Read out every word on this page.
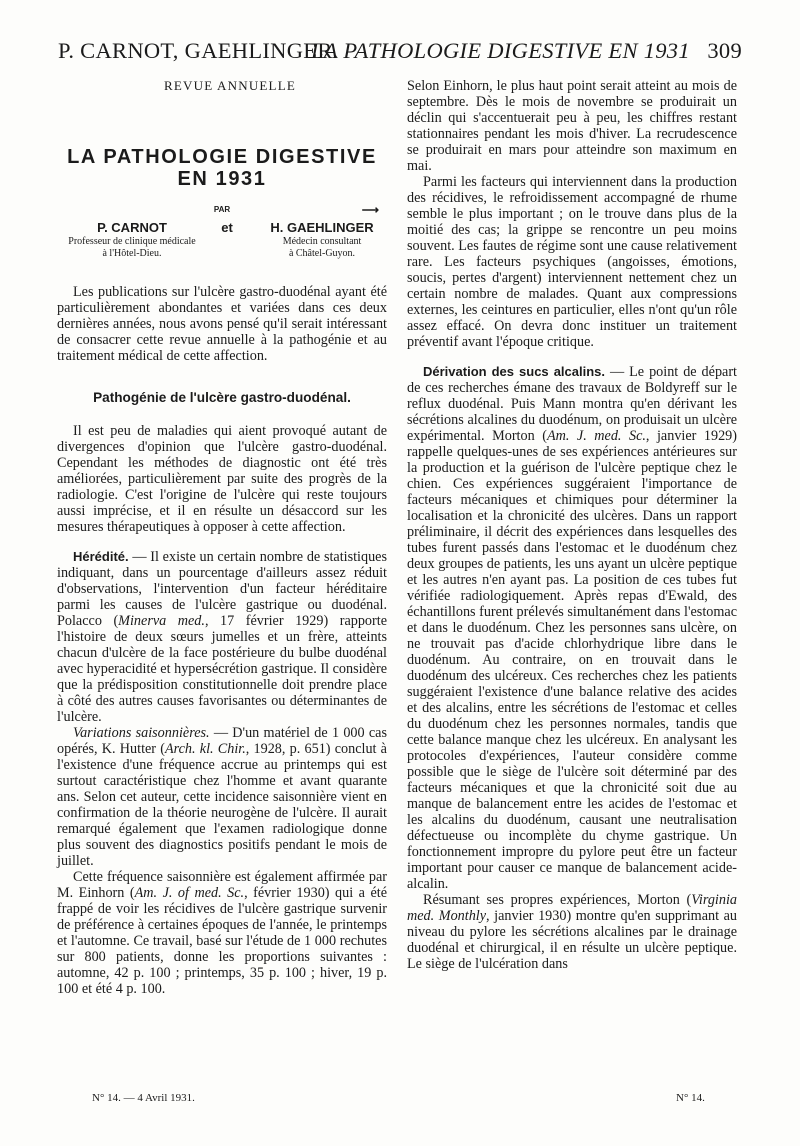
P. CARNOT, GAEHLINGER.
LA PATHOLOGIE DIGESTIVE EN 1931 309

REVUE ANNUELLE

LA PATHOLOGIE DIGESTIVE
EN 1931
PAR	⟶
P. CARNOT
Professeur de clinique médicale
à l'Hôtel-Dieu.
et	H. GAEHLINGER
Médecin consultant
à Châtel-Guyon.

Les publications sur l'ulcère gastro-duodénal ayant été particulièrement abondantes et variées dans ces deux dernières années, nous avons pensé qu'il serait intéressant de consacrer cette revue annuelle à la pathogénie et au traitement médical de cette affection.

Pathogénie de l'ulcère gastro-duodénal.

Il est peu de maladies qui aient provoqué autant de divergences d'opinion que l'ulcère gastro-duodénal. Cependant les méthodes de diagnostic ont été très améliorées, particulièrement par suite des progrès de la radiologie. C'est l'origine de l'ulcère qui reste toujours aussi imprécise, et il en résulte un désaccord sur les mesures thérapeutiques à opposer à cette affection.

Hérédité. — Il existe un certain nombre de statistiques indiquant, dans un pourcentage d'ailleurs assez réduit d'observations, l'intervention d'un facteur héréditaire parmi les causes de l'ulcère gastrique ou duodénal. Polacco (Minerva med., 17 février 1929) rapporte l'histoire de deux sœurs jumelles et un frère, atteints chacun d'ulcère de la face postérieure du bulbe duodénal avec hyperacidité et hypersécrétion gastrique. Il considère que la prédisposition constitutionnelle doit prendre place à côté des autres causes favorisantes ou déterminantes de l'ulcère.

Variations saisonnières. — D'un matériel de 1 000 cas opérés, K. Hutter (Arch. kl. Chir., 1928, p. 651) conclut à l'existence d'une fréquence accrue au printemps qui est surtout caractéristique chez l'homme et avant quarante ans. Selon cet auteur, cette incidence saisonnière vient en confirmation de la théorie neurogène de l'ulcère. Il aurait remarqué également que l'examen radiologique donne plus souvent des diagnostics positifs pendant le mois de juillet.

Cette fréquence saisonnière est également affirmée par M. Einhorn (Am. J. of med. Sc., février 1930) qui a été frappé de voir les récidives de l'ulcère gastrique survenir de préférence à certaines époques de l'année, le printemps et l'automne. Ce travail, basé sur l'étude de 1 000 rechutes sur 800 patients, donne les proportions suivantes : automne, 42 p. 100 ; printemps, 35 p. 100 ; hiver, 19 p. 100 et été 4 p. 100.

Selon Einhorn, le plus haut point serait atteint au mois de septembre. Dès le mois de novembre se produirait un déclin qui s'accentuerait peu à peu, les chiffres restant stationnaires pendant les mois d'hiver. La recrudescence se produirait en mars pour atteindre son maximum en mai.

Parmi les facteurs qui interviennent dans la production des récidives, le refroidissement accompagné de rhume semble le plus important ; on le trouve dans plus de la moitié des cas; la grippe se rencontre un peu moins souvent. Les fautes de régime sont une cause relativement rare. Les facteurs psychiques (angoisses, émotions, soucis, pertes d'argent) interviennent nettement chez un certain nombre de malades. Quant aux compressions externes, les ceintures en particulier, elles n'ont qu'un rôle assez effacé. On devra donc instituer un traitement préventif avant l'époque critique.

Dérivation des sucs alcalins. — Le point de départ de ces recherches émane des travaux de Boldyreff sur le reflux duodénal. Puis Mann montra qu'en dérivant les sécrétions alcalines du duodénum, on produisait un ulcère expérimental. Morton (Am. J. med. Sc., janvier 1929) rappelle quelques-unes de ses expériences antérieures sur la production et la guérison de l'ulcère peptique chez le chien. Ces expériences suggéraient l'importance de facteurs mécaniques et chimiques pour déterminer la localisation et la chronicité des ulcères. Dans un rapport préliminaire, il décrit des expériences dans lesquelles des tubes furent passés dans l'estomac et le duodénum chez deux groupes de patients, les uns ayant un ulcère peptique et les autres n'en ayant pas. La position de ces tubes fut vérifiée radiologiquement. Après repas d'Ewald, des échantillons furent prélevés simultanément dans l'estomac et dans le duodénum. Chez les personnes sans ulcère, on ne trouvait pas d'acide chlorhydrique libre dans le duodénum. Au contraire, on en trouvait dans le duodénum des ulcéreux. Ces recherches chez les patients suggéraient l'existence d'une balance relative des acides et des alcalins, entre les sécrétions de l'estomac et celles du duodénum chez les personnes normales, tandis que cette balance manque chez les ulcéreux. En analysant les protocoles d'expériences, l'auteur considère comme possible que le siège de l'ulcère soit déterminé par des facteurs mécaniques et que la chronicité soit due au manque de balancement entre les acides de l'estomac et les alcalins du duodénum, causant une neutralisation défectueuse ou incomplète du chyme gastrique. Un fonctionnement impropre du pylore peut être un facteur important pour causer ce manque de balancement acide-alcalin.

Résumant ses propres expériences, Morton (Virginia med. Monthly, janvier 1930) montre qu'en supprimant au niveau du pylore les sécrétions alcalines par le drainage duodénal et chirurgical, il en résulte un ulcère peptique. Le siège de l'ulcération dans

N° 14. — 4 Avril 1931.	N° 14.
